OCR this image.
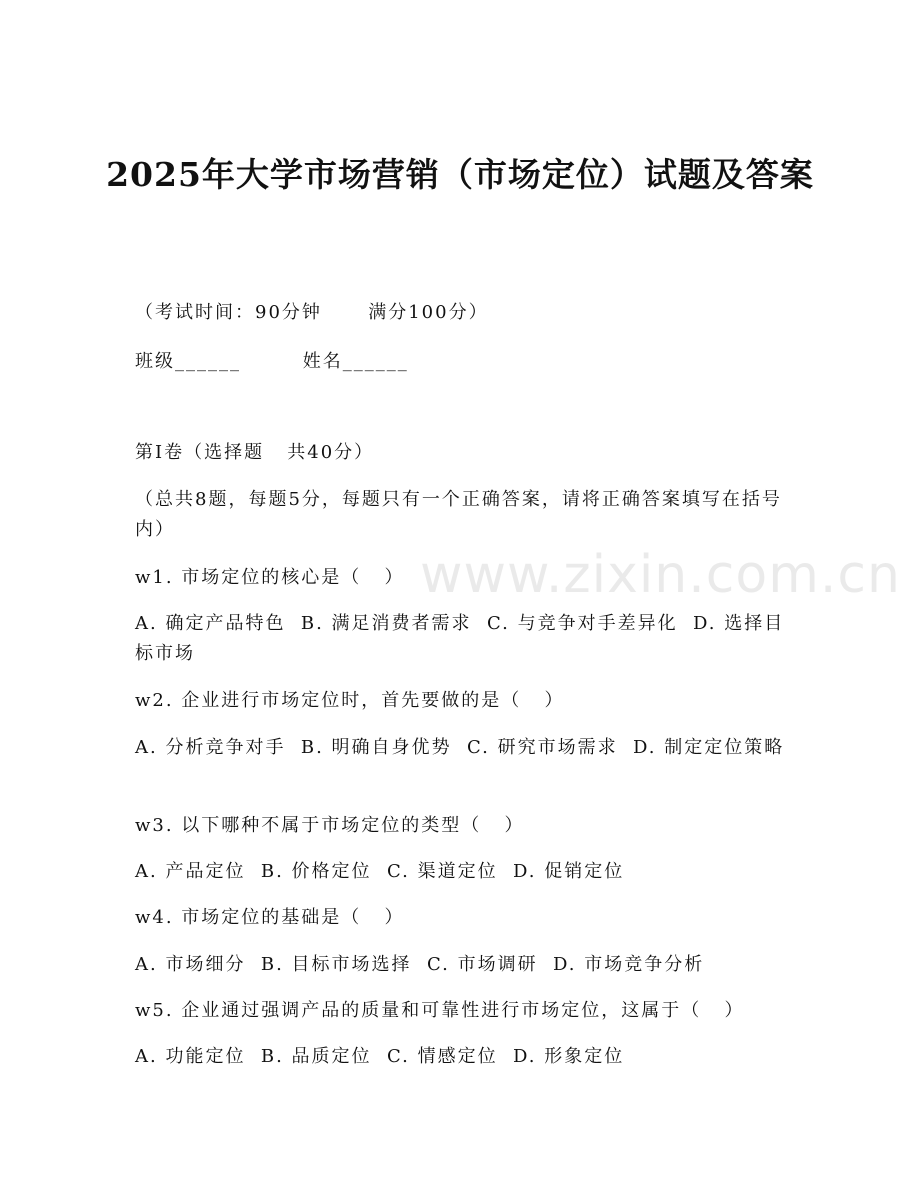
2025年大学市场营销（市场定位）试题及答案
（考试时间：90分钟      满分100分）
班级______        姓名______
第Ⅰ卷（选择题   共40分）
（总共8题，每题5分，每题只有一个正确答案，请将正确答案填写在括号内）
w1. 市场定位的核心是（   ）
A. 确定产品特色  B. 满足消费者需求  C. 与竞争对手差异化  D. 选择目标市场
w2. 企业进行市场定位时，首先要做的是（   ）
A. 分析竞争对手  B. 明确自身优势  C. 研究市场需求  D. 制定定位策略
w3. 以下哪种不属于市场定位的类型（   ）
A. 产品定位  B. 价格定位  C. 渠道定位  D. 促销定位
w4. 市场定位的基础是（   ）
A. 市场细分  B. 目标市场选择  C. 市场调研  D. 市场竞争分析
w5. 企业通过强调产品的质量和可靠性进行市场定位，这属于（   ）
A. 功能定位  B. 品质定位  C. 情感定位  D. 形象定位
www.zixin.com.cn
